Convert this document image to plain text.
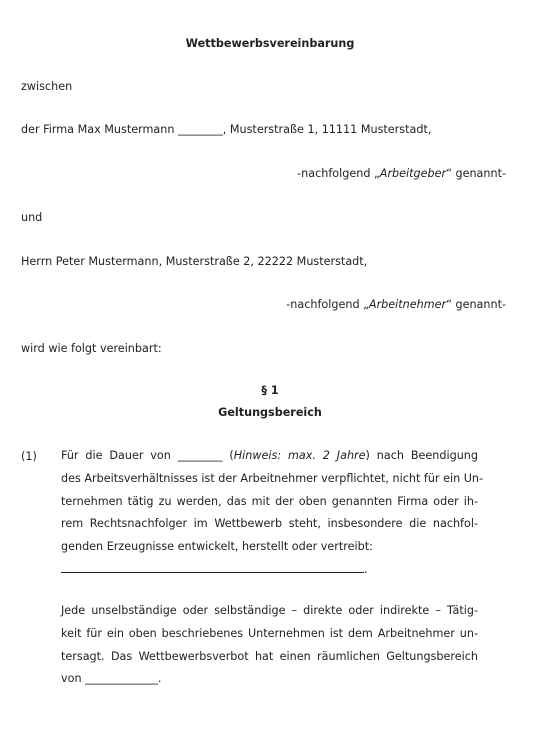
Wettbewerbsvereinbarung
zwischen
der Firma Max Mustermann ________, Musterstraße 1, 11111 Musterstadt,
-nachfolgend „Arbeitgeber“ genannt-
und
Herrn Peter Mustermann, Musterstraße 2, 22222 Musterstadt,
-nachfolgend „Arbeitnehmer“ genannt-
wird wie folgt vereinbart:
§ 1
Geltungsbereich
(1) Für die Dauer von ________ (Hinweis: max. 2 Jahre) nach Beendigung
des Arbeitsverhältnisses ist der Arbeitnehmer verpflichtet, nicht für ein Un-
ternehmen tätig zu werden, das mit der oben genannten Firma oder ih-
rem Rechtsnachfolger im Wettbewerb steht, insbesondere die nachfol-
genden Erzeugnisse entwickelt, herstellt oder vertreibt:
.
Jede unselbständige oder selbständige – direkte oder indirekte – Tätig-
keit für ein oben beschriebenes Unternehmen ist dem Arbeitnehmer un-
tersagt. Das Wettbewerbsverbot hat einen räumlichen Geltungsbereich
von _____________.
